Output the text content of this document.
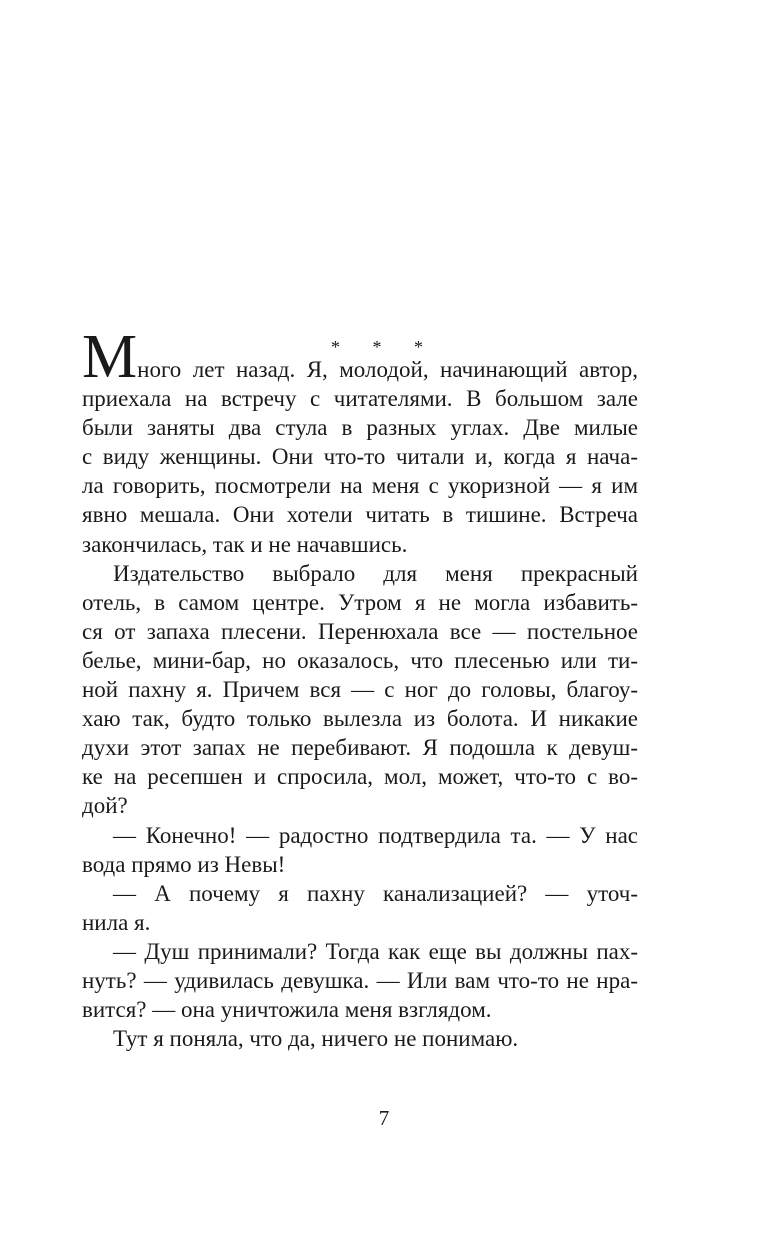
* * *
Много лет назад. Я, молодой, начинающий автор,
приехала на встречу с читателями. В большом зале
были заняты два стула в разных углах. Две милые
с виду женщины. Они что-то читали и, когда я нача-
ла говорить, посмотрели на меня с укоризной — я им
явно мешала. Они хотели читать в тишине. Встреча
закончилась, так и не начавшись.
Издательство выбрало для меня прекрасный
отель, в самом центре. Утром я не могла избавить-
ся от запаха плесени. Перенюхала все — постельное
белье, мини-бар, но оказалось, что плесенью или ти-
ной пахну я. Причем вся — с ног до головы, благоу-
хаю так, будто только вылезла из болота. И никакие
духи этот запах не перебивают. Я подошла к девуш-
ке на ресепшен и спросила, мол, может, что-то с во-
дой?
— Конечно! — радостно подтвердила та. — У нас
вода прямо из Невы!
— А почему я пахну канализацией? — уточ-
нила я.
— Душ принимали? Тогда как еще вы должны пах-
нуть? — удивилась девушка. — Или вам что-то не нра-
вится? — она уничтожила меня взглядом.
Тут я поняла, что да, ничего не понимаю.
7
